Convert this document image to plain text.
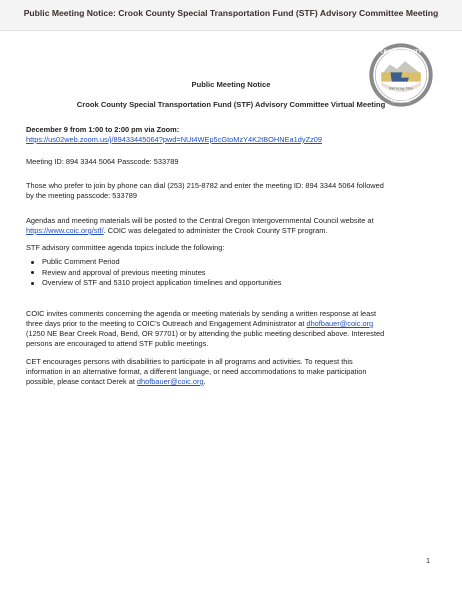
Public Meeting Notice: Crook County Special Transportation Fund (STF) Advisory Committee Meeting
Serving You
CROOK COUNTY
EST. 1882
Public Meeting Notice
Crook County Special Transportation Fund (STF) Advisory Committee Virtual Meeting
December 9 from 1:00 to 2:00 pm via Zoom:
https://us02web.zoom.us/j/89433445064?pwd=NUt4WEp5cGtoMzY4K2tBOHNEa1dyZz09
Meeting ID: 894 3344 5064 Passcode: 533789
Those who prefer to join by phone can dial (253) 215-8782 and enter the meeting ID: 894 3344 5064 followed
by the meeting passcode: 533789
Agendas and meeting materials will be posted to the Central Oregon Intergovernmental Council website at
https://www.coic.org/stf/. COIC was delegated to administer the Crook County STF program.
STF advisory committee agenda topics include the following:
Public Comment Period
Review and approval of previous meeting minutes
Overview of STF and 5310 project application timelines and opportunities
COIC invites comments concerning the agenda or meeting materials by sending a written response at least
three days prior to the meeting to COIC’s Outreach and Engagement Administrator at dhofbauer@coic.org
(1250 NE Bear Creek Road, Bend, OR 97701) or by attending the public meeting described above. Interested
persons are encouraged to attend STF public meetings.
CET encourages persons with disabilities to participate in all programs and activities. To request this
information in an alternative format, a different language, or need accommodations to make participation
possible, please contact Derek at dhofbauer@coic.org.
1
